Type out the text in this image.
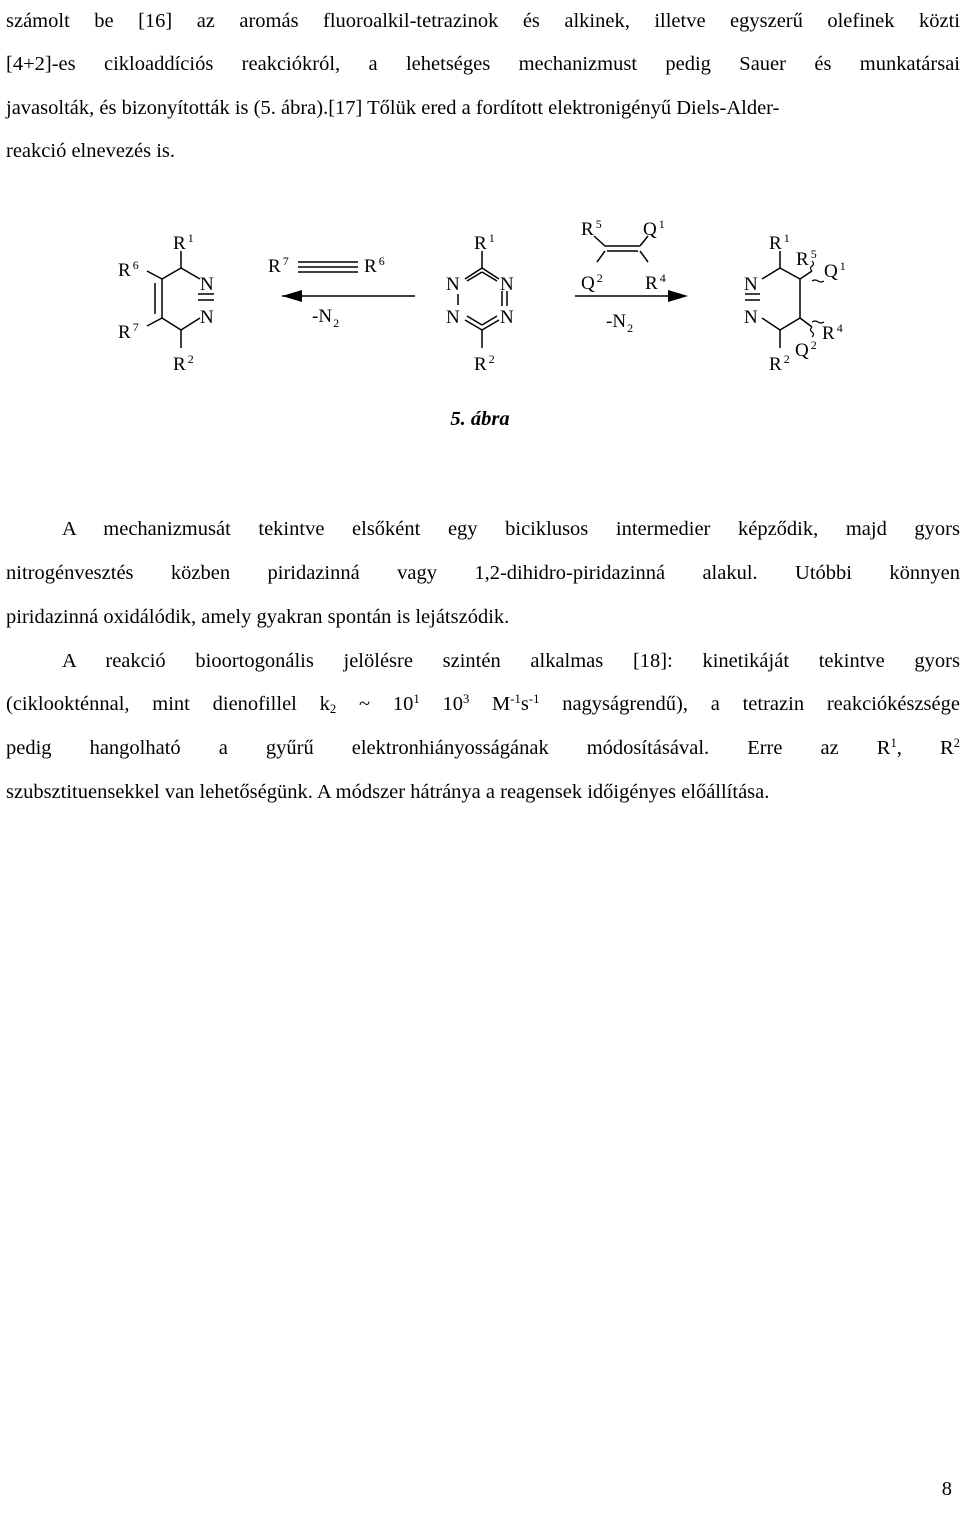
számolt be [16] az aromás fluoroalkil-tetrazinok és alkinek, illetve egyszerű olefinek közti

[4+2]-es cikloaddíciós reakciókról, a lehetséges mechanizmust pedig Sauer és munkatársai

javasolták, és bizonyították is (5. ábra).[17] Tőlük ered a fordított elektronigényű Diels-Alder-

reakció elnevezés is.

R $^1$
R $^6$
R $^7$
N
N
R $^2$
R $^7$	R $^6$
$-N_2$
R $^1$
N N
N N
R $^2$
R $^5$ Q $^1$
Q $^2$ R $^4$
$-N_2$
R $^1$
R $^5$
Q $^1$
N
N
R $^4$
Q $^2$
R $^2$
5. ábra

A mechanizmusát tekintve elsőként egy biciklusos intermedier képződik, majd gyors

nitrogénvesztés közben piridazinná vagy 1,2-dihidro-piridazinná alakul. Utóbbi könnyen

piridazinná oxidálódik, amely gyakran spontán is lejátszódik.

A reakció bioortogonális jelölésre szintén alkalmas [18]: kinetikáját tekintve gyors

(ciklookténnal, mint dienofillel $k_2$ ~ $10^1$ $10^3$ $M^{-1}s^{-1}$ nagyságrendű), a tetrazin reakciókészsége

pedig hangolható a gyűrű elektronhiányosságának módosításával. Erre az $R^1$, $R^2$

szubsztituensekkel van lehetőségünk. A módszer hátránya a reagensek időigényes előállítása.

8
